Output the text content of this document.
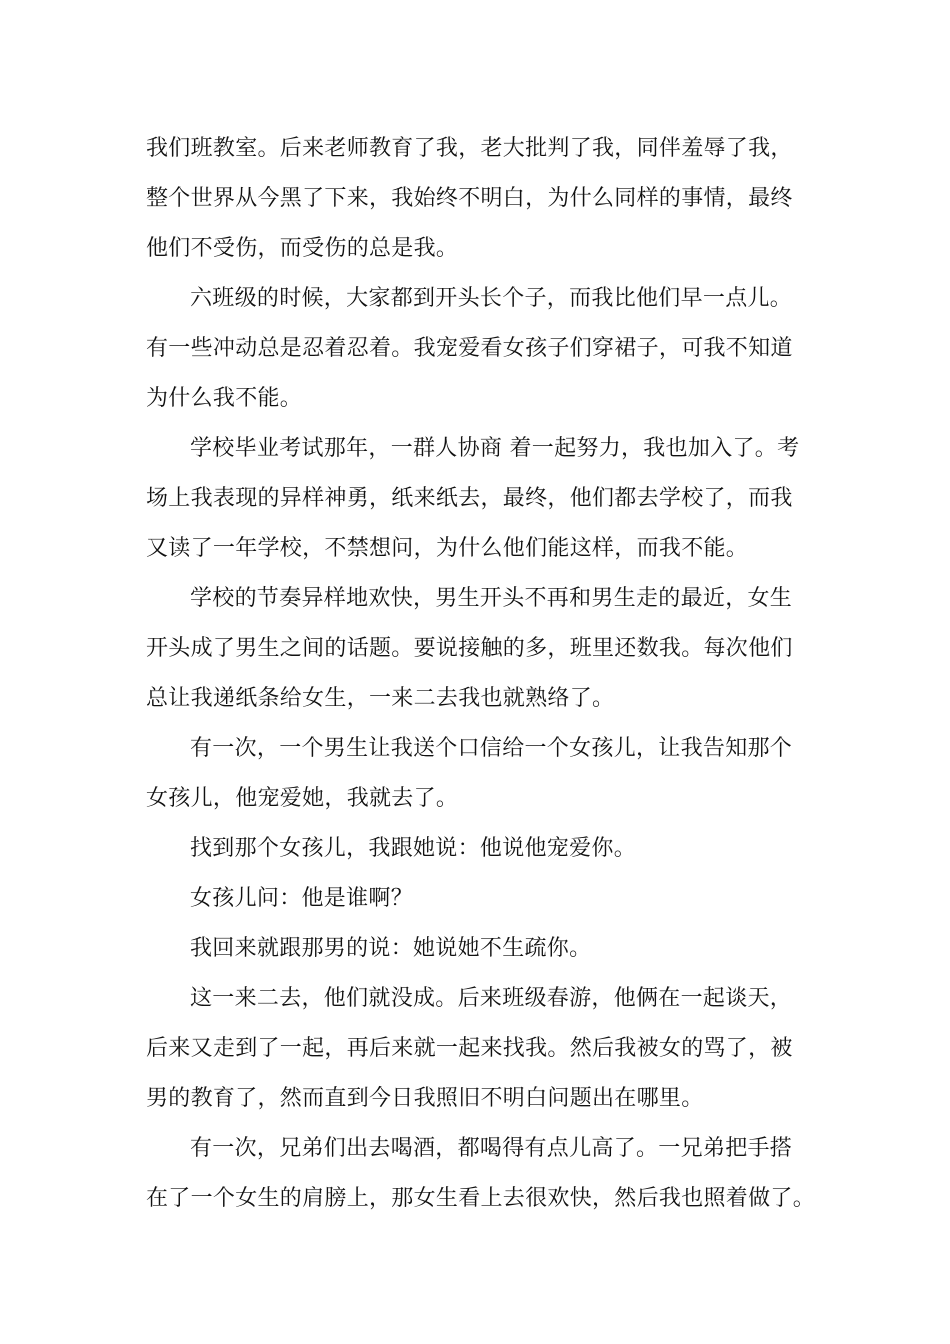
我们班教室。后来老师教育了我，老大批判了我，同伴羞辱了我，
整个世界从今黑了下来，我始终不明白，为什么同样的事情，最终
他们不受伤，而受伤的总是我。
六班级的时候，大家都到开头长个子，而我比他们早一点儿。
有一些冲动总是忍着忍着。我宠爱看女孩子们穿裙子，可我不知道
为什么我不能。
学校毕业考试那年，一群人协商 着一起努力，我也加入了。考
场上我表现的异样神勇，纸来纸去，最终，他们都去学校了，而我
又读了一年学校，不禁想问，为什么他们能这样，而我不能。
学校的节奏异样地欢快，男生开头不再和男生走的最近，女生
开头成了男生之间的话题。要说接触的多，班里还数我。每次他们
总让我递纸条给女生，一来二去我也就熟络了。
有一次，一个男生让我送个口信给一个女孩儿，让我告知那个
女孩儿，他宠爱她，我就去了。
找到那个女孩儿，我跟她说：他说他宠爱你。
女孩儿问：他是谁啊？
我回来就跟那男的说：她说她不生疏你。
这一来二去，他们就没成。后来班级春游，他俩在一起谈天，
后来又走到了一起，再后来就一起来找我。然后我被女的骂了，被
男的教育了，然而直到今日我照旧不明白问题出在哪里。
有一次，兄弟们出去喝酒，都喝得有点儿高了。一兄弟把手搭
在了一个女生的肩膀上，那女生看上去很欢快，然后我也照着做了。
